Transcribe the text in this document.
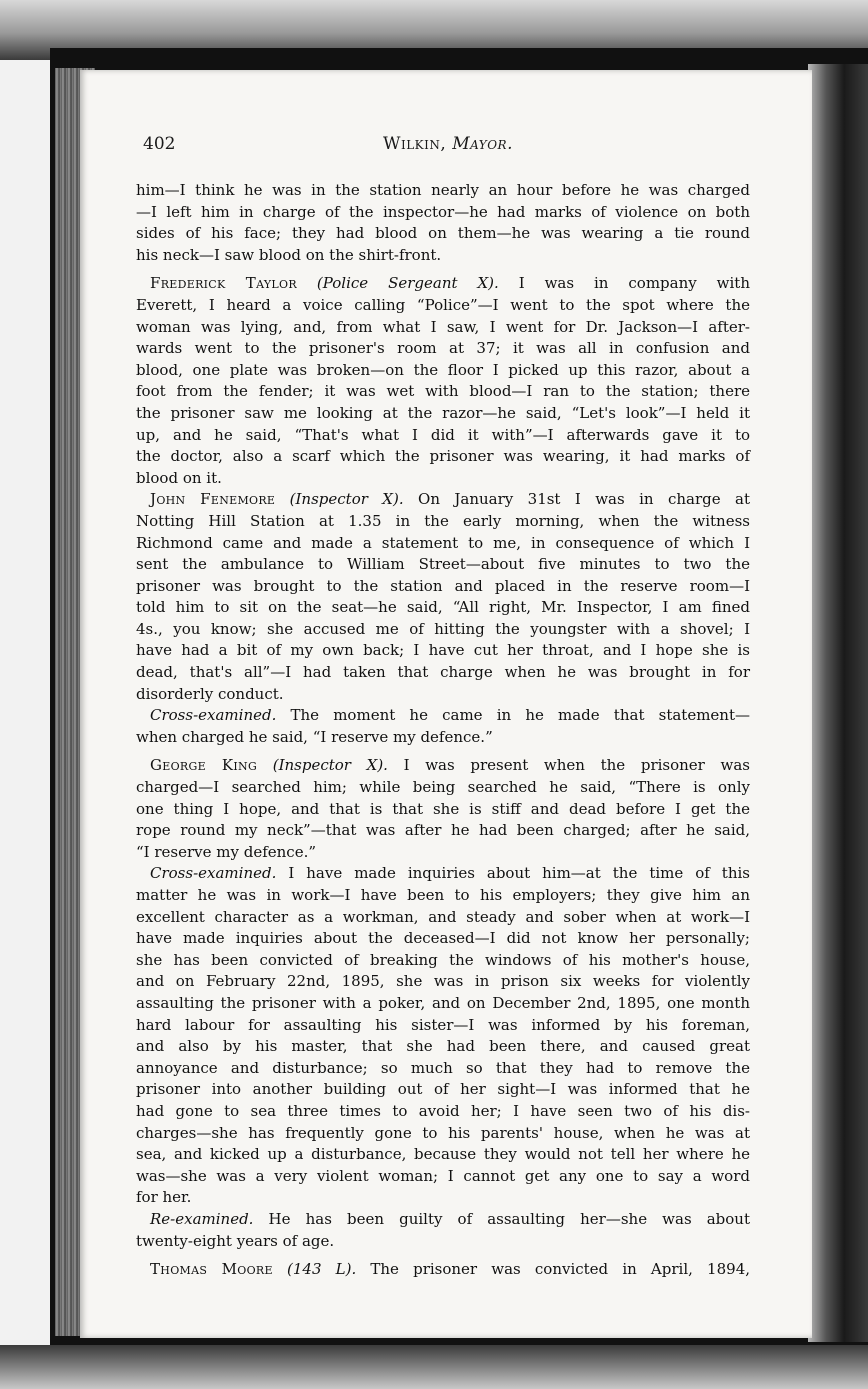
402	Wilkin, Mayor.
him—I think he was in the station nearly an hour before he was charged
—I left him in charge of the inspector—he had marks of violence on both
sides of his face; they had blood on them—he was wearing a tie round
his neck—I saw blood on the shirt-front.
Frederick Taylor (Police Sergeant X). I was in company with
Everett, I heard a voice calling “Police”—I went to the spot where the
woman was lying, and, from what I saw, I went for Dr. Jackson—I after-
wards went to the prisoner's room at 37; it was all in confusion and
blood, one plate was broken—on the floor I picked up this razor, about a
foot from the fender; it was wet with blood—I ran to the station; there
the prisoner saw me looking at the razor—he said, “Let's look”—I held it
up, and he said, “That's what I did it with”—I afterwards gave it to
the doctor, also a scarf which the prisoner was wearing, it had marks of
blood on it.
John Fenemore (Inspector X). On January 31st I was in charge at
Notting Hill Station at 1.35 in the early morning, when the witness
Richmond came and made a statement to me, in consequence of which I
sent the ambulance to William Street—about five minutes to two the
prisoner was brought to the station and placed in the reserve room—I
told him to sit on the seat—he said, “All right, Mr. Inspector, I am fined
4s., you know; she accused me of hitting the youngster with a shovel; I
have had a bit of my own back; I have cut her throat, and I hope she is
dead, that's all”—I had taken that charge when he was brought in for
disorderly conduct.
Cross-examined. The moment he came in he made that statement—
when charged he said, “I reserve my defence.”
George King (Inspector X). I was present when the prisoner was
charged—I searched him; while being searched he said, “There is only
one thing I hope, and that is that she is stiff and dead before I get the
rope round my neck”—that was after he had been charged; after he said,
“I reserve my defence.”
Cross-examined. I have made inquiries about him—at the time of this
matter he was in work—I have been to his employers; they give him an
excellent character as a workman, and steady and sober when at work—I
have made inquiries about the deceased—I did not know her personally;
she has been convicted of breaking the windows of his mother's house,
and on February 22nd, 1895, she was in prison six weeks for violently
assaulting the prisoner with a poker, and on December 2nd, 1895, one month
hard labour for assaulting his sister—I was informed by his foreman,
and also by his master, that she had been there, and caused great
annoyance and disturbance; so much so that they had to remove the
prisoner into another building out of her sight—I was informed that he
had gone to sea three times to avoid her; I have seen two of his dis-
charges—she has frequently gone to his parents' house, when he was at
sea, and kicked up a disturbance, because they would not tell her where he
was—she was a very violent woman; I cannot get any one to say a word
for her.
Re-examined. He has been guilty of assaulting her—she was about
twenty-eight years of age.
Thomas Moore (143 L). The prisoner was convicted in April, 1894,
